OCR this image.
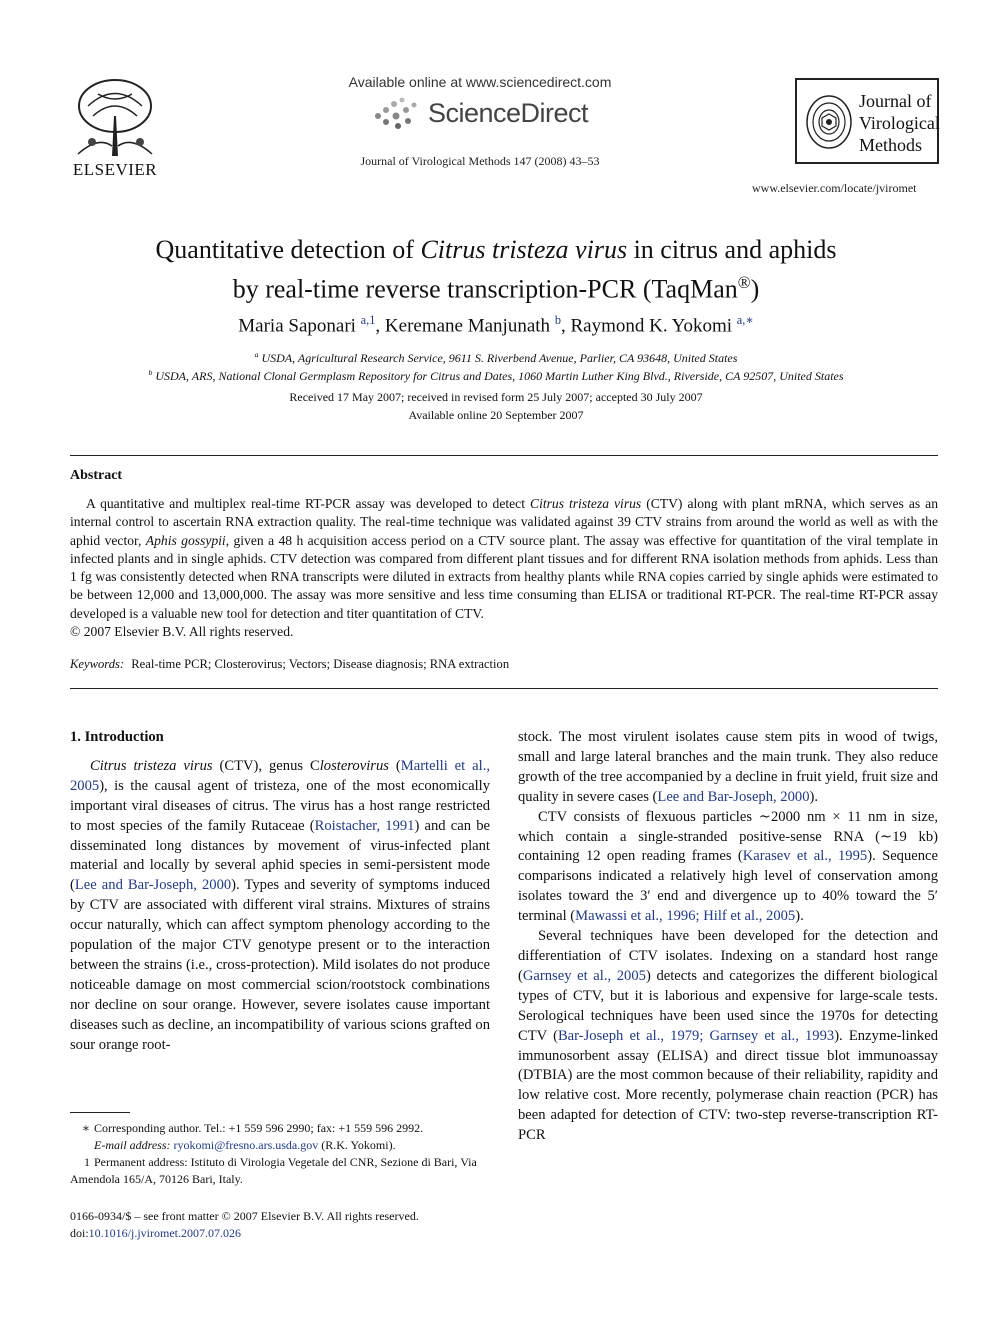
ELSEVIER
Available online at www.sciencedirect.com
ScienceDirect
Journal of Virological Methods 147 (2008) 43–53
Journal of
Virological
Methods
www.elsevier.com/locate/jviromet
Quantitative detection of Citrus tristeza virus in citrus and aphids
by real-time reverse transcription-PCR (TaqMan®)
Maria Saponari $^{a,1}$, Keremane Manjunath $^b$, Raymond K. Yokomi $^{a,∗}$
$^a$ USDA, Agricultural Research Service, 9611 S. Riverbend Avenue, Parlier, CA 93648, United States
$^b$ USDA, ARS, National Clonal Germplasm Repository for Citrus and Dates, 1060 Martin Luther King Blvd., Riverside, CA 92507, United States
Received 17 May 2007; received in revised form 25 July 2007; accepted 30 July 2007
Available online 20 September 2007
Abstract
A quantitative and multiplex real-time RT-PCR assay was developed to detect Citrus tristeza virus (CTV) along with plant mRNA, which serves as an internal control to ascertain RNA extraction quality. The real-time technique was validated against 39 CTV strains from around the world as well as with the aphid vector, Aphis gossypii, given a 48 h acquisition access period on a CTV source plant. The assay was effective for quantitation of the viral template in infected plants and in single aphids. CTV detection was compared from different plant tissues and for different RNA isolation methods from aphids. Less than 1 fg was consistently detected when RNA transcripts were diluted in extracts from healthy plants while RNA copies carried by single aphids were estimated to be between 12,000 and 13,000,000. The assay was more sensitive and less time consuming than ELISA or traditional RT-PCR. The real-time RT-PCR assay developed is a valuable new tool for detection and titer quantitation of CTV.
© 2007 Elsevier B.V. All rights reserved.
Keywords: Real-time PCR; Closterovirus; Vectors; Disease diagnosis; RNA extraction
1. Introduction

Citrus tristeza virus (CTV), genus Closterovirus (Martelli et al., 2005), is the causal agent of tristeza, one of the most economically important viral diseases of citrus. The virus has a host range restricted to most species of the family Rutaceae (Roistacher, 1991) and can be disseminated long distances by movement of virus-infected plant material and locally by several aphid species in semi-persistent mode (Lee and Bar-Joseph, 2000). Types and severity of symptoms induced by CTV are associated with different viral strains. Mixtures of strains occur naturally, which can affect symptom phenology according to the population of the major CTV genotype present or to the interaction between the strains (i.e., cross-protection). Mild isolates do not produce noticeable damage on most commercial scion/rootstock combinations nor decline on sour orange. However, severe isolates cause important diseases such as decline, an incompatibility of various scions grafted on sour orange root-

stock. The most virulent isolates cause stem pits in wood of twigs, small and large lateral branches and the main trunk. They also reduce growth of the tree accompanied by a decline in fruit yield, fruit size and quality in severe cases (Lee and Bar-Joseph, 2000).

CTV consists of flexuous particles ∼2000 nm × 11 nm in size, which contain a single-stranded positive-sense RNA (∼19 kb) containing 12 open reading frames (Karasev et al., 1995). Sequence comparisons indicated a relatively high level of conservation among isolates toward the 3′ end and divergence up to 40% toward the 5′ terminal (Mawassi et al., 1996; Hilf et al., 2005).

Several techniques have been developed for the detection and differentiation of CTV isolates. Indexing on a standard host range (Garnsey et al., 2005) detects and categorizes the different biological types of CTV, but it is laborious and expensive for large-scale tests. Serological techniques have been used since the 1970s for detecting CTV (Bar-Joseph et al., 1979; Garnsey et al., 1993). Enzyme-linked immunosorbent assay (ELISA) and direct tissue blot immunoassay (DTBIA) are the most common because of their reliability, rapidity and low relative cost. More recently, polymerase chain reaction (PCR) has been adapted for detection of CTV: two-step reverse-transcription RT-PCR

∗ Corresponding author. Tel.: +1 559 596 2990; fax: +1 559 596 2992.
E-mail address: ryokomi@fresno.ars.usda.gov (R.K. Yokomi).
1 Permanent address: Istituto di Virologia Vegetale del CNR, Sezione di Bari, Via Amendola 165/A, 70126 Bari, Italy.
0166-0934/$ – see front matter © 2007 Elsevier B.V. All rights reserved.
doi:10.1016/j.jviromet.2007.07.026
